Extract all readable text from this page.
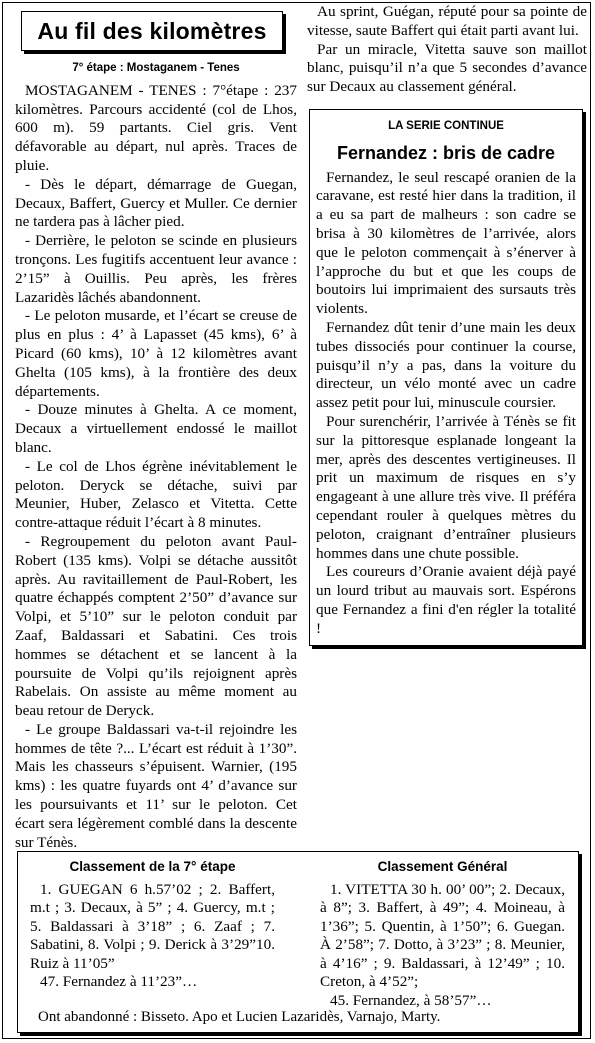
Au fil des kilomètres
7° étape : Mostaganem - Tenes

MOSTAGANEM - TENES : 7°étape : 237 kilomètres. Parcours accidenté (col de Lhos, 600 m). 59 partants. Ciel gris. Vent défavorable au départ, nul après. Traces de pluie.

- Dès le départ, démarrage de Guegan, Decaux, Baffert, Guercy et Muller. Ce dernier ne tardera pas à lâcher pied.

- Derrière, le peloton se scinde en plusieurs tronçons. Les fugitifs accentuent leur avance : 2’15” à Ouillis. Peu après, les frères Lazaridès lâchés abandonnent.

- Le peloton musarde, et l’écart se creuse de plus en plus : 4’ à Lapasset (45 kms), 6’ à Picard (60 kms), 10’ à 12 kilomètres avant Ghelta (105 kms), à la frontière des deux départements.

- Douze minutes à Ghelta. A ce moment, Decaux a virtuellement endossé le maillot blanc.

- Le col de Lhos égrène inévitablement le peloton. Deryck se détache, suivi par Meunier, Huber, Zelasco et Vitetta. Cette contre-attaque réduit l’écart à 8 minutes.

- Regroupement du peloton avant Paul-Robert (135 kms). Volpi se détache aussitôt après. Au ravitaillement de Paul-Robert, les quatre échappés comptent 2’50” d’avance sur Volpi, et 5’10” sur le peloton conduit par Zaaf, Baldassari et Sabatini. Ces trois hommes se détachent et se lancent à la poursuite de Volpi qu’ils rejoignent après Rabelais. On assiste au même moment au beau retour de Deryck.

- Le groupe Baldassari va-t-il rejoindre les hommes de tête ?... L’écart est réduit à 1’30”. Mais les chasseurs s’épuisent. Warnier, (195 kms) : les quatre fuyards ont 4’ d’avance sur les poursuivants et 11’ sur le peloton. Cet écart sera légèrement comblé dans la descente sur Ténès.

Au sprint, Guégan, réputé pour sa pointe de vitesse, saute Baffert qui était parti avant lui.

Par un miracle, Vitetta sauve son maillot blanc, puisqu’il n’a que 5 secondes d’avance sur Decaux au classement général.

LA SERIE CONTINUE
Fernandez : bris de cadre

Fernandez, le seul rescapé oranien de la caravane, est resté hier dans la tradition, il a eu sa part de malheurs : son cadre se brisa à 30 kilomètres de l’arrivée, alors que le peloton commençait à s’énerver à l’approche du but et que les coups de boutoirs lui imprimaient des sursauts très violents.

Fernandez dût tenir d’une main les deux tubes dissociés pour continuer la course, puisqu’il n’y a pas, dans la voiture du directeur, un vélo monté avec un cadre assez petit pour lui, minuscule coursier.

Pour surenchérir, l’arrivée à Ténès se fit sur la pittoresque esplanade longeant la mer, après des descentes vertigineuses. Il prit un maximum de risques en s’y engageant à une allure très vive. Il préféra cependant rouler à quelques mètres du peloton, craignant d’entraîner plusieurs hommes dans une chute possible.

Les coureurs d’Oranie avaient déjà payé un lourd tribut au mauvais sort. Espérons que Fernandez a fini d'en régler la totalité !

Classement de la 7° étape

1. GUEGAN 6 h.57’02 ; 2. Baffert, m.t ; 3. Decaux, à 5” ; 4. Guercy, m.t ; 5. Baldassari à 3’18” ; 6. Zaaf ; 7. Sabatini, 8. Volpi ; 9. Derick à 3’29”10. Ruiz à 11’05”

47. Fernandez à 11’23”…

Classement Général

1. VITETTA 30 h. 00’ 00”; 2. Decaux, à 8”; 3. Baffert, à 49”; 4. Moineau, à 1’36”; 5. Quentin, à 1’50”; 6. Guegan. À 2’58”; 7. Dotto, à 3’23” ; 8. Meunier, à 4’16” ; 9. Baldassari, à 12’49” ; 10. Creton, à 4’52”;

45. Fernandez, à 58’57”…

Ont abandonné : Bisseto. Apo et Lucien Lazaridès, Varnajo, Marty.
